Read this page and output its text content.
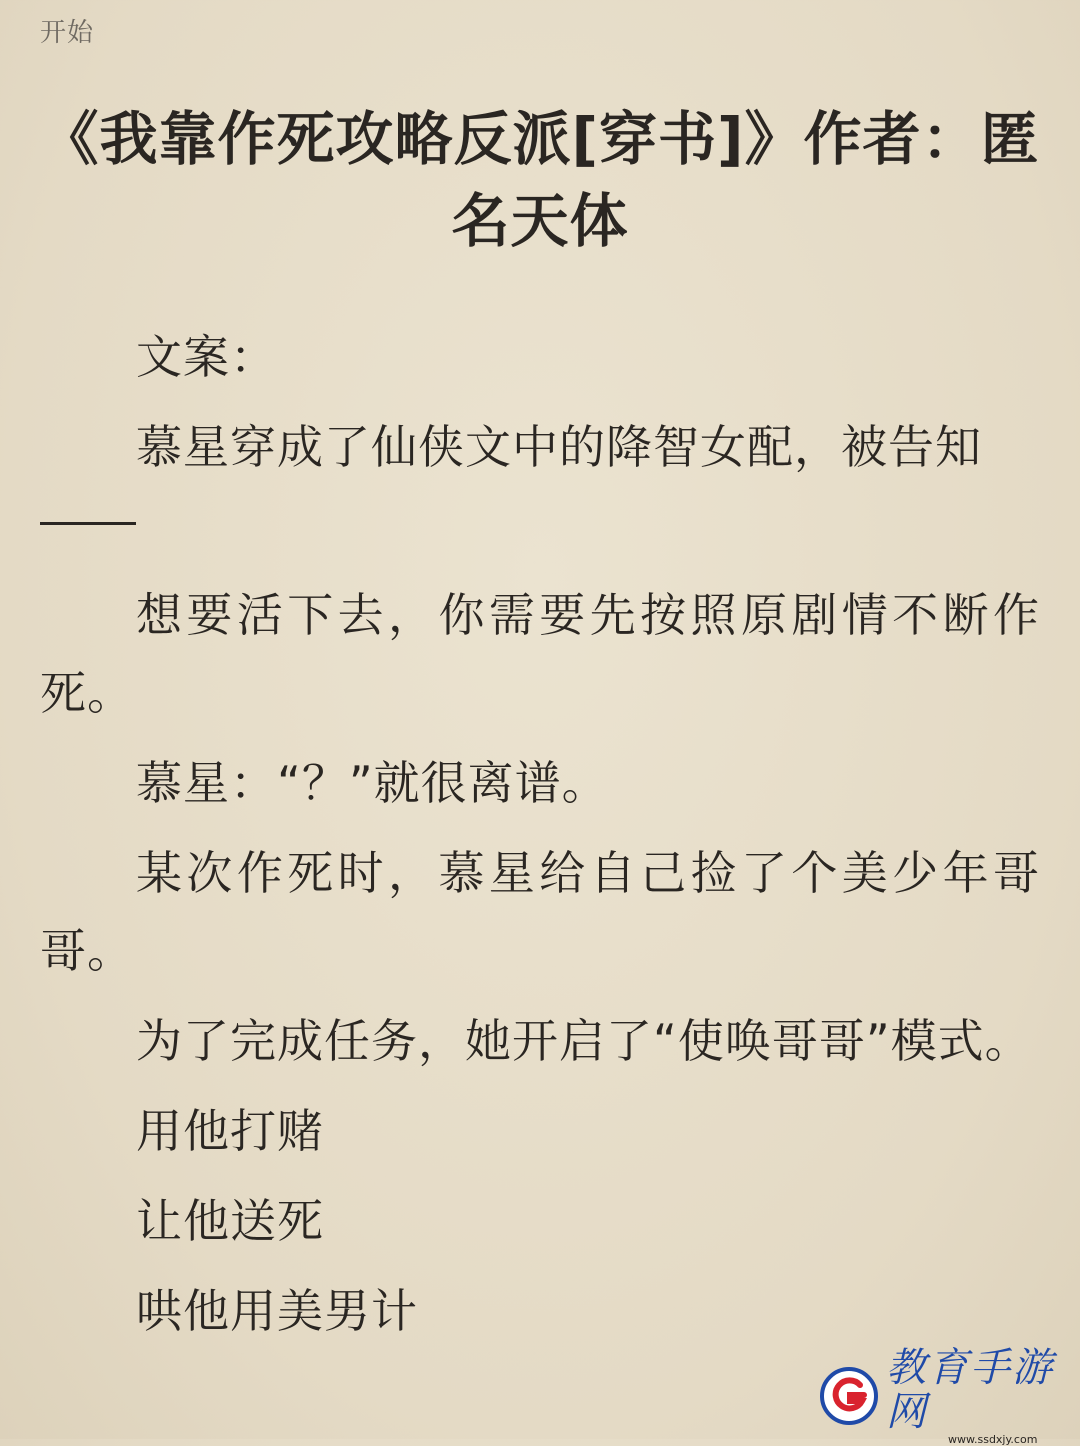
开始
《我靠作死攻略反派[穿书]》作者：匿名天体

文案：

慕星穿成了仙侠文中的降智女配，被告知

想要活下去，你需要先按照原剧情不断作死。

慕星：“？”就很离谱。

某次作死时，慕星给自己捡了个美少年哥哥。

为了完成任务，她开启了“使唤哥哥”模式。

用他打赌

让他送死

哄他用美男计

教育手游网
www.ssdxjy.com
